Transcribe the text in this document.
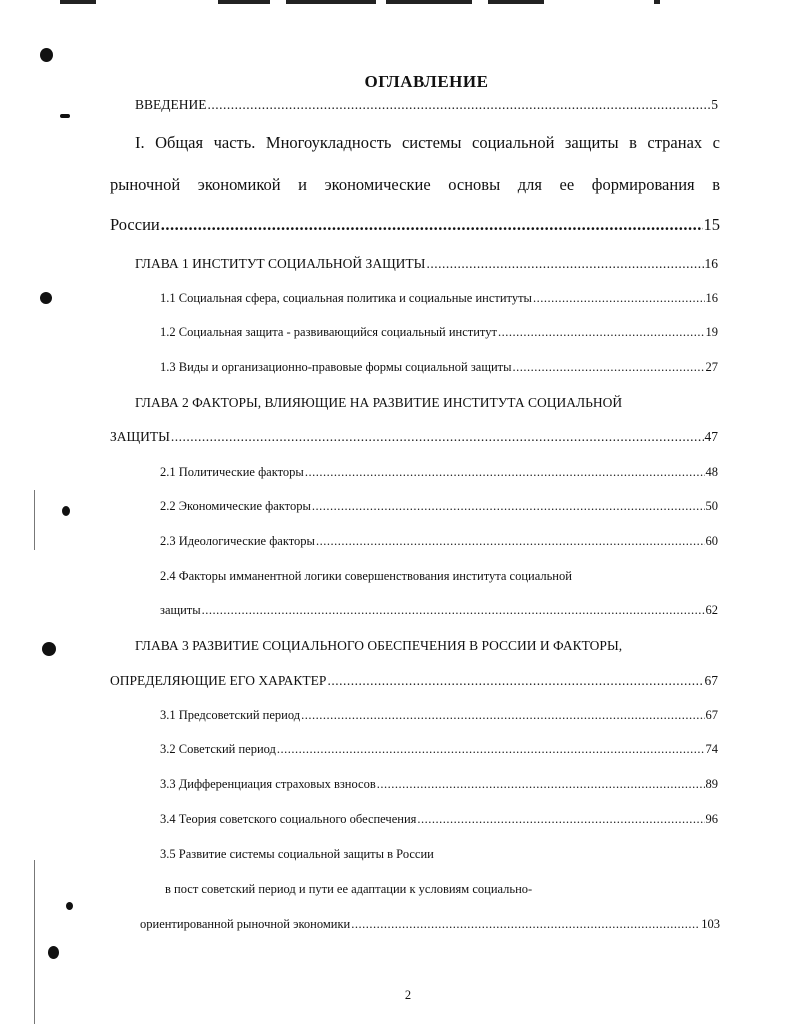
ОГЛАВЛЕНИЕ
ВВЕДЕНИЕ .....	5
I. Общая часть. Многоукладность системы социальной защиты в странах с
рыночной экономикой и экономические основы для ее формирования в
России .....	15
ГЛАВА 1 ИНСТИТУТ СОЦИАЛЬНОЙ ЗАЩИТЫ .....	16
1.1 Социальная сфера, социальная политика и социальные институты .....	16
1.2 Социальная защита - развивающийся социальный институт .....	19
1.3 Виды и организационно-правовые формы социальной защиты .....	27
ГЛАВА 2 ФАКТОРЫ, ВЛИЯЮЩИЕ НА РАЗВИТИЕ ИНСТИТУТА СОЦИАЛЬНОЙ
ЗАЩИТЫ .....	47
2.1 Политические факторы .....	48
2.2 Экономические факторы .....	50
2.3 Идеологические факторы .....	60
2.4 Факторы имманентной логики совершенствования института социальной
защиты .....	62
ГЛАВА 3 РАЗВИТИЕ СОЦИАЛЬНОГО ОБЕСПЕЧЕНИЯ В РОССИИ И ФАКТОРЫ,
ОПРЕДЕЛЯЮЩИЕ ЕГО ХАРАКТЕР .....	67
3.1 Предсоветский период .....	67
3.2 Советский период .....	74
3.3 Дифференциация страховых взносов .....	89
3.4 Теория советского социального обеспечения .....	96
3.5 Развитие системы социальной защиты в России
в пост советский период и пути ее адаптации к условиям социально-
ориентированной рыночной экономики .....	103
2
